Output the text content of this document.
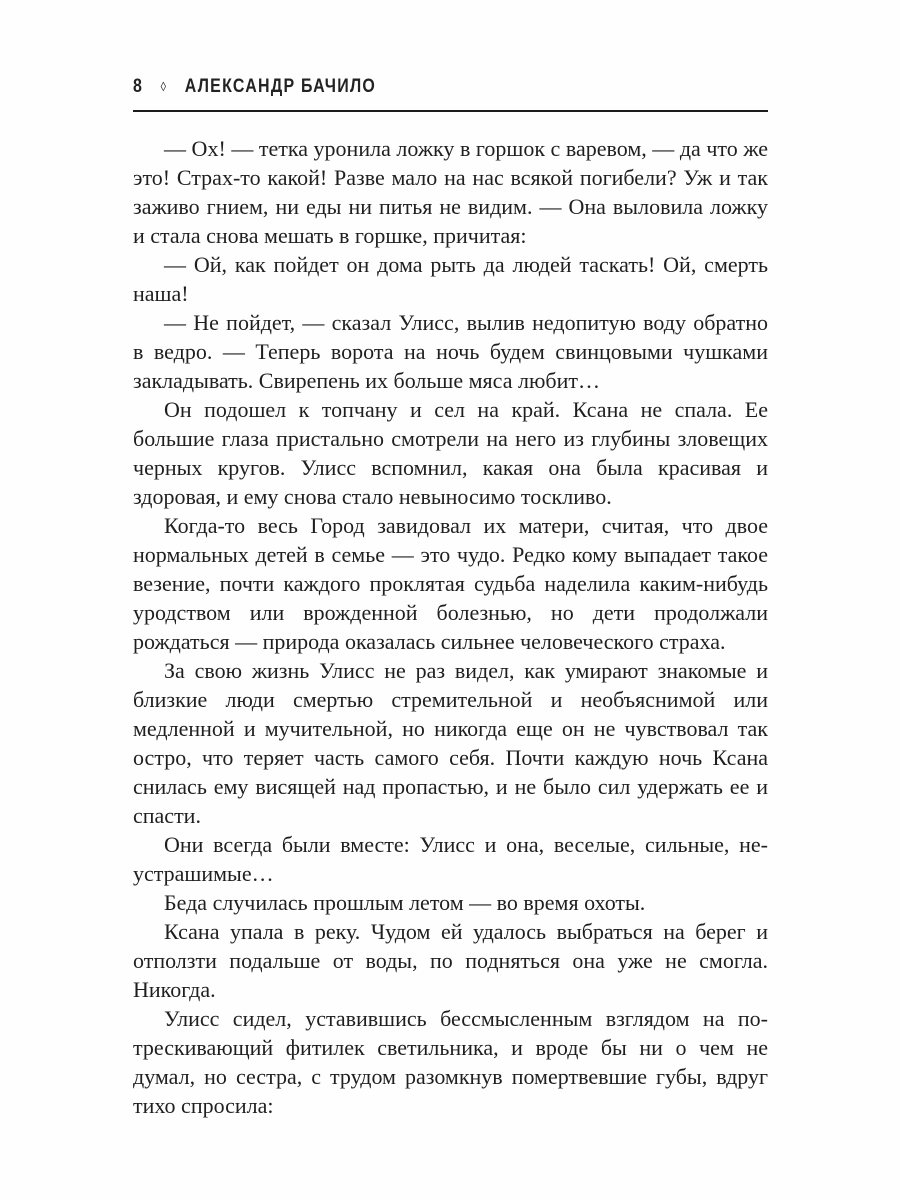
8 ◊ АЛЕКСАНДР БАЧИЛО

— Ох! — тетка уронила ложку в горшок с варевом, — да что же это! Страх-то какой! Разве мало на нас всякой погибели? Уж и так заживо гнием, ни еды ни питья не видим. — Она выловила ложку и стала снова мешать в горшке, причитая:

— Ой, как пойдет он дома рыть да людей таскать! Ой, смерть наша!

— Не пойдет, — сказал Улисс, вылив недопитую воду обратно в ведро. — Теперь ворота на ночь будем свинцовыми чушками закладывать. Свирепень их больше мяса любит…

Он подошел к топчану и сел на край. Ксана не спала. Ее большие глаза пристально смотрели на него из глубины зловещих черных кругов. Улисс вспомнил, какая она была красивая и здоровая, и ему снова стало невыносимо тоскливо.

Когда-то весь Город завидовал их матери, считая, что двое нормальных детей в семье — это чудо. Редко кому выпадает такое везение, почти каждого проклятая судьба наделила каким-нибудь уродством или врожденной болезнью, но дети продолжали рождаться — природа оказалась сильнее человеческого страха.

За свою жизнь Улисс не раз видел, как умирают знакомые и близкие люди смертью стремительной и необъяснимой или медленной и мучительной, но никогда еще он не чувствовал так остро, что теряет часть самого себя. Почти каждую ночь Ксана снилась ему висящей над пропастью, и не было сил удержать ее и спасти.

Они всегда были вместе: Улисс и она, веселые, сильные, неустрашимые…

Беда случилась прошлым летом — во время охоты.

Ксана упала в реку. Чудом ей удалось выбраться на берег и отползти подальше от воды, по подняться она уже не смогла. Никогда.

Улисс сидел, уставившись бессмысленным взглядом на потрескивающий фитилек светильника, и вроде бы ни о чем не думал, но сестра, с трудом разомкнув помертвевшие губы, вдруг тихо спросила:
